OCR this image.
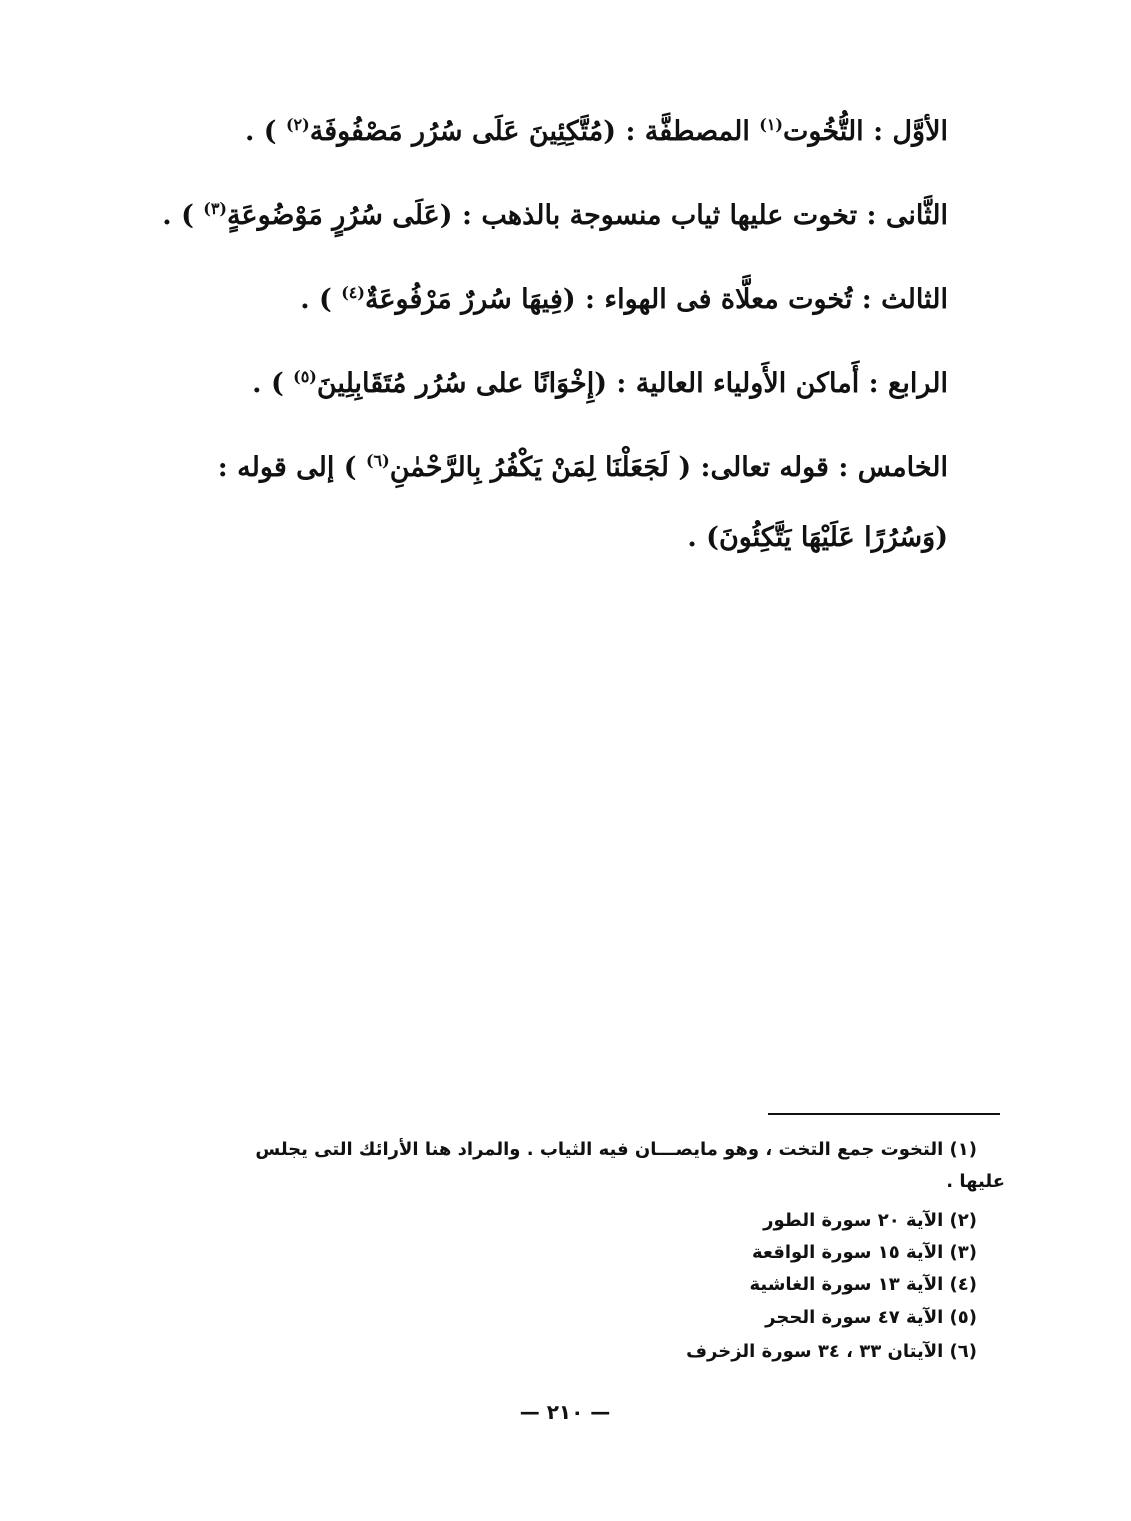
الأوَّل : التُّخُوت$^{(١)}$ المصطفَّة : (مُتَّكِئِينَ عَلَى سُرُر مَصْفُوفَة$^{(٢)}$ ) .
الثَّانى : تخوت عليها ثياب منسوجة بالذهب : (عَلَى سُرُرٍ مَوْضُوعَةٍ$^{(٣)}$ ) .
الثالث : تُخوت معلَّاة فى الهواء : (فِيهَا سُررٌ مَرْفُوعَةٌ$^{(٤)}$ ) .
الرابع : أَماكن الأَولياء العالية : (إِخْوَانًا على سُرُر مُتَقَابِلِينَ$^{(٥)}$ ) .
الخامس : قوله تعالى: ( لَجَعَلْنَا لِمَنْ يَكْفُرُ بِالرَّحْمٰنِ$^{(٦)}$ ) إلى قوله :
(وَسُرُرًا عَلَيْهَا يَتَّكِئُونَ) .
(١) التخوت جمع التخت ، وهو مايصـــان فيه الثياب . والمراد هنا الأرائك التى يجلس
عليها .
(٢) الآية ٢٠ سورة الطور
(٣) الآية ١٥ سورة الواقعة
(٤) الآية ١٣ سورة الغاشية
(٥) الآية ٤٧ سورة الحجر
(٦) الآيتان ٣٣ ، ٣٤ سورة الزخرف
— ٢١٠ —
